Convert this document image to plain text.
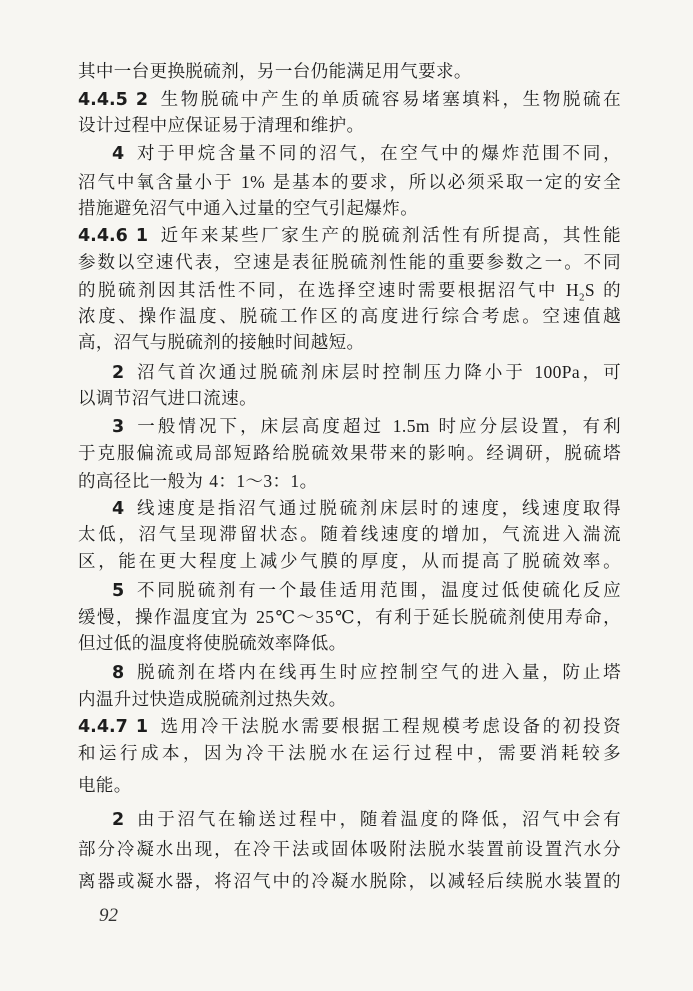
其中一台更换脱硫剂，另一台仍能满足用气要求。
4.4.5 2 生物脱硫中产生的单质硫容易堵塞填料，生物脱硫在
设计过程中应保证易于清理和维护。
4 对于甲烷含量不同的沼气，在空气中的爆炸范围不同，
沼气中氧含量小于 1% 是基本的要求，所以必须采取一定的安全
措施避免沼气中通入过量的空气引起爆炸。
4.4.6 1 近年来某些厂家生产的脱硫剂活性有所提高，其性能
参数以空速代表，空速是表征脱硫剂性能的重要参数之一。不同
的脱硫剂因其活性不同，在选择空速时需要根据沼气中 $H_2S$ 的
浓度、操作温度、脱硫工作区的高度进行综合考虑。空速值越
高，沼气与脱硫剂的接触时间越短。
2 沼气首次通过脱硫剂床层时控制压力降小于 100Pa，可
以调节沼气进口流速。
3 一般情况下，床层高度超过 1.5m 时应分层设置，有利
于克服偏流或局部短路给脱硫效果带来的影响。经调研，脱硫塔
的高径比一般为 4：1～3：1。
4 线速度是指沼气通过脱硫剂床层时的速度，线速度取得
太低，沼气呈现滞留状态。随着线速度的增加，气流进入湍流
区，能在更大程度上减少气膜的厚度，从而提高了脱硫效率。
5 不同脱硫剂有一个最佳适用范围，温度过低使硫化反应
缓慢，操作温度宜为 25℃～35℃，有利于延长脱硫剂使用寿命，
但过低的温度将使脱硫效率降低。
8 脱硫剂在塔内在线再生时应控制空气的进入量，防止塔
内温升过快造成脱硫剂过热失效。
4.4.7 1 选用冷干法脱水需要根据工程规模考虑设备的初投资
和运行成本，因为冷干法脱水在运行过程中，需要消耗较多
电能。
2 由于沼气在输送过程中，随着温度的降低，沼气中会有
部分冷凝水出现，在冷干法或固体吸附法脱水装置前设置汽水分
离器或凝水器，将沼气中的冷凝水脱除，以减轻后续脱水装置的
92
